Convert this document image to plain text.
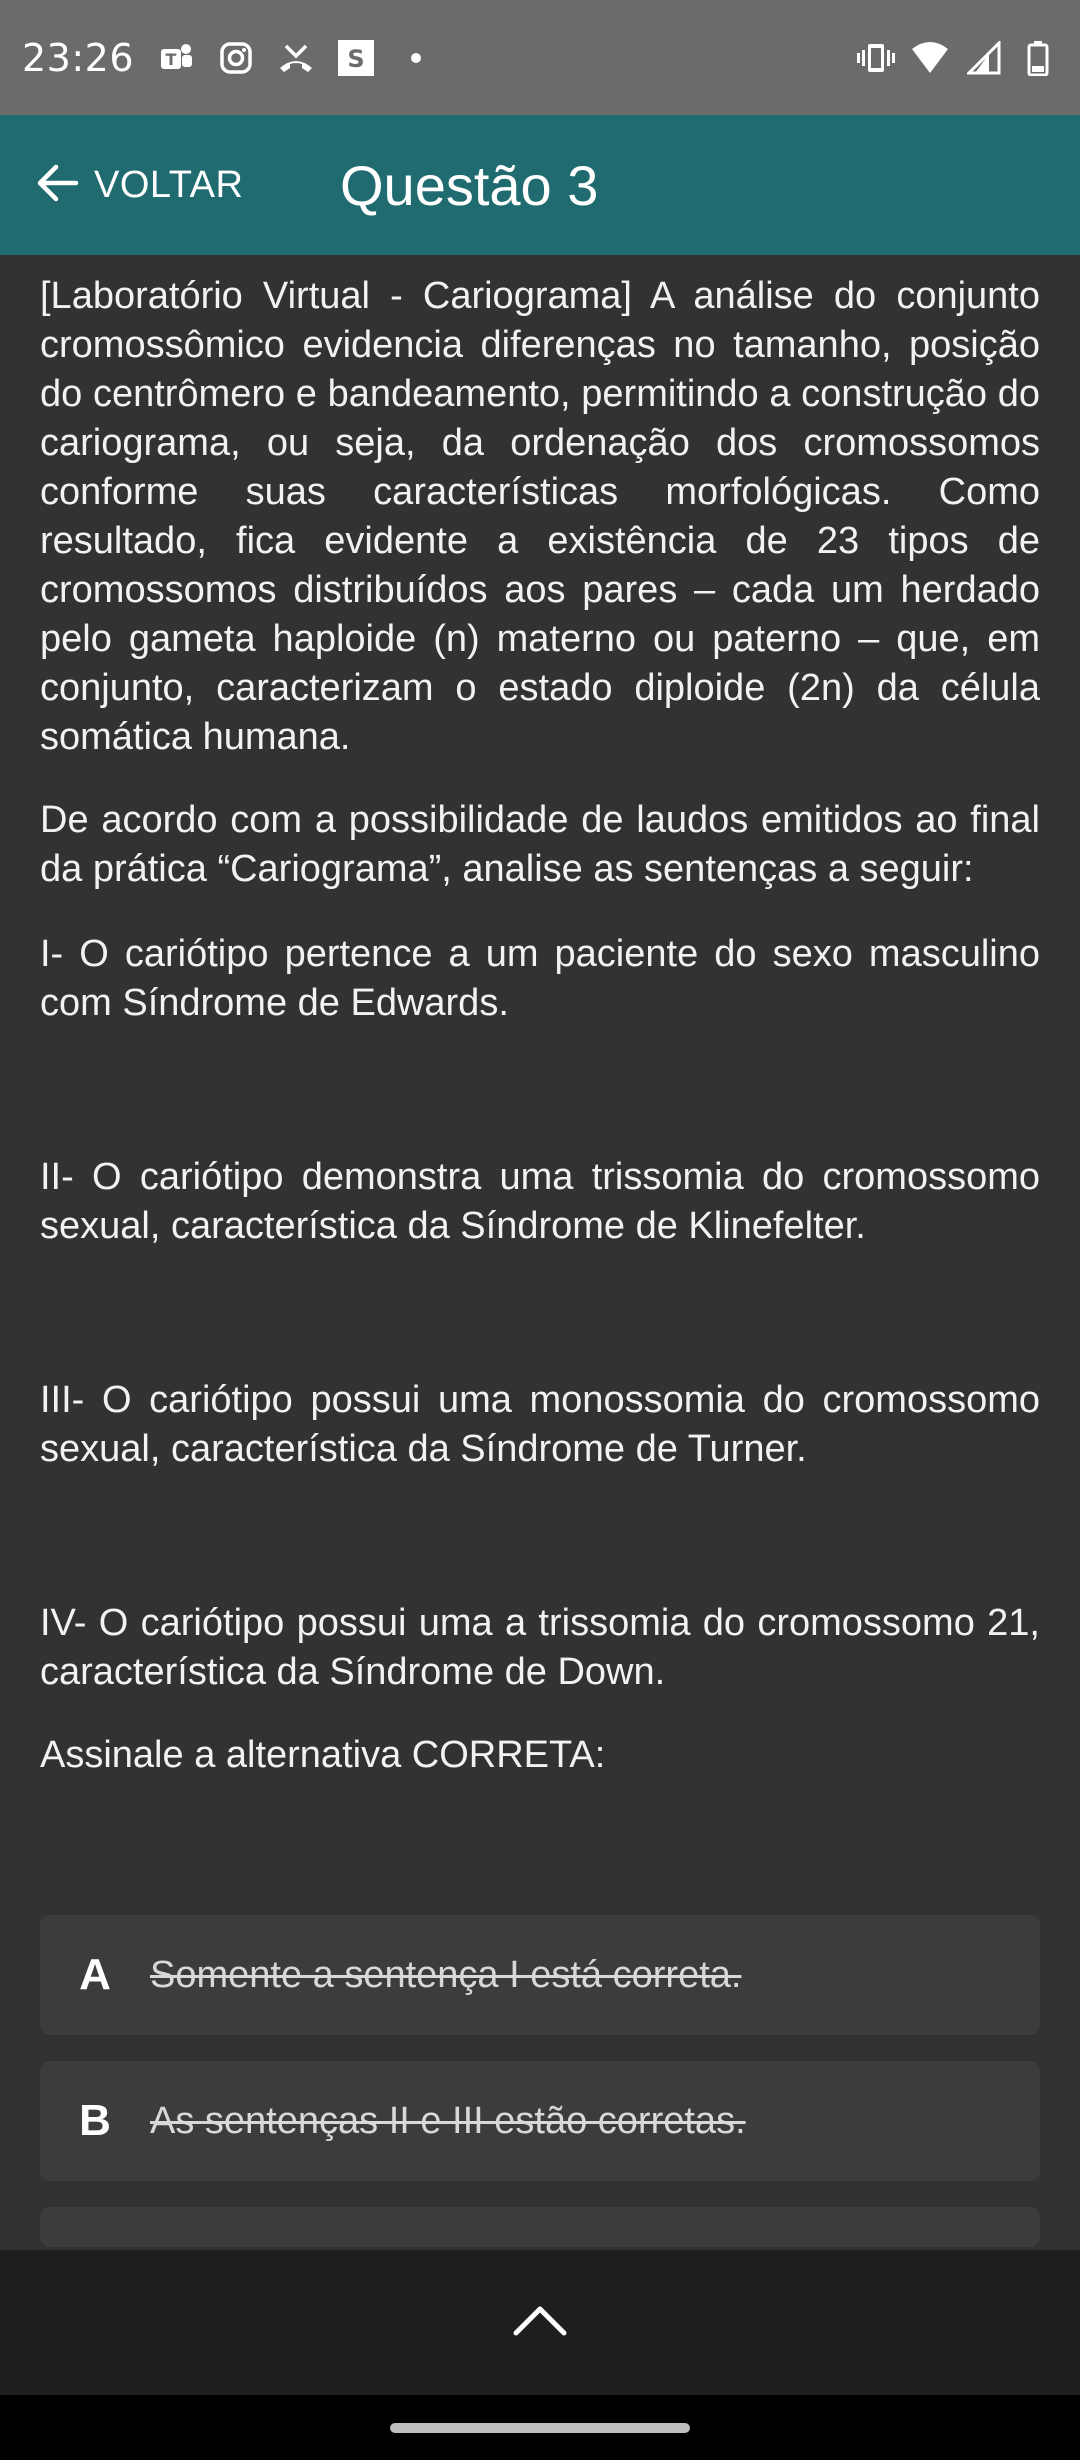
23:26 T	S
VOLTAR Questão 3

[Laboratório Virtual - Cariograma] A análise do conjunto cromossômico evidencia diferenças no tamanho, posição do centrômero e bandeamento, permitindo a construção do cariograma, ou seja, da ordenação dos cromossomos conforme suas características morfológicas. Como resultado, fica evidente a existência de 23 tipos de cromossomos distribuídos aos pares – cada um herdado pelo gameta haploide (n) materno ou paterno – que, em conjunto, caracterizam o estado diploide (2n) da célula somática humana.

De acordo com a possibilidade de laudos emitidos ao final da prática “Cariograma”, analise as sentenças a seguir:

I- O cariótipo pertence a um paciente do sexo masculino com Síndrome de Edwards.

II- O cariótipo demonstra uma trissomia do cromossomo sexual, característica da Síndrome de Klinefelter.

III- O cariótipo possui uma monossomia do cromossomo sexual, característica da Síndrome de Turner.

IV- O cariótipo possui uma a trissomia do cromossomo 21, característica da Síndrome de Down.

Assinale a alternativa CORRETA:

A	Somente a sentença I está correta.
B	As sentenças II e III estão corretas.
